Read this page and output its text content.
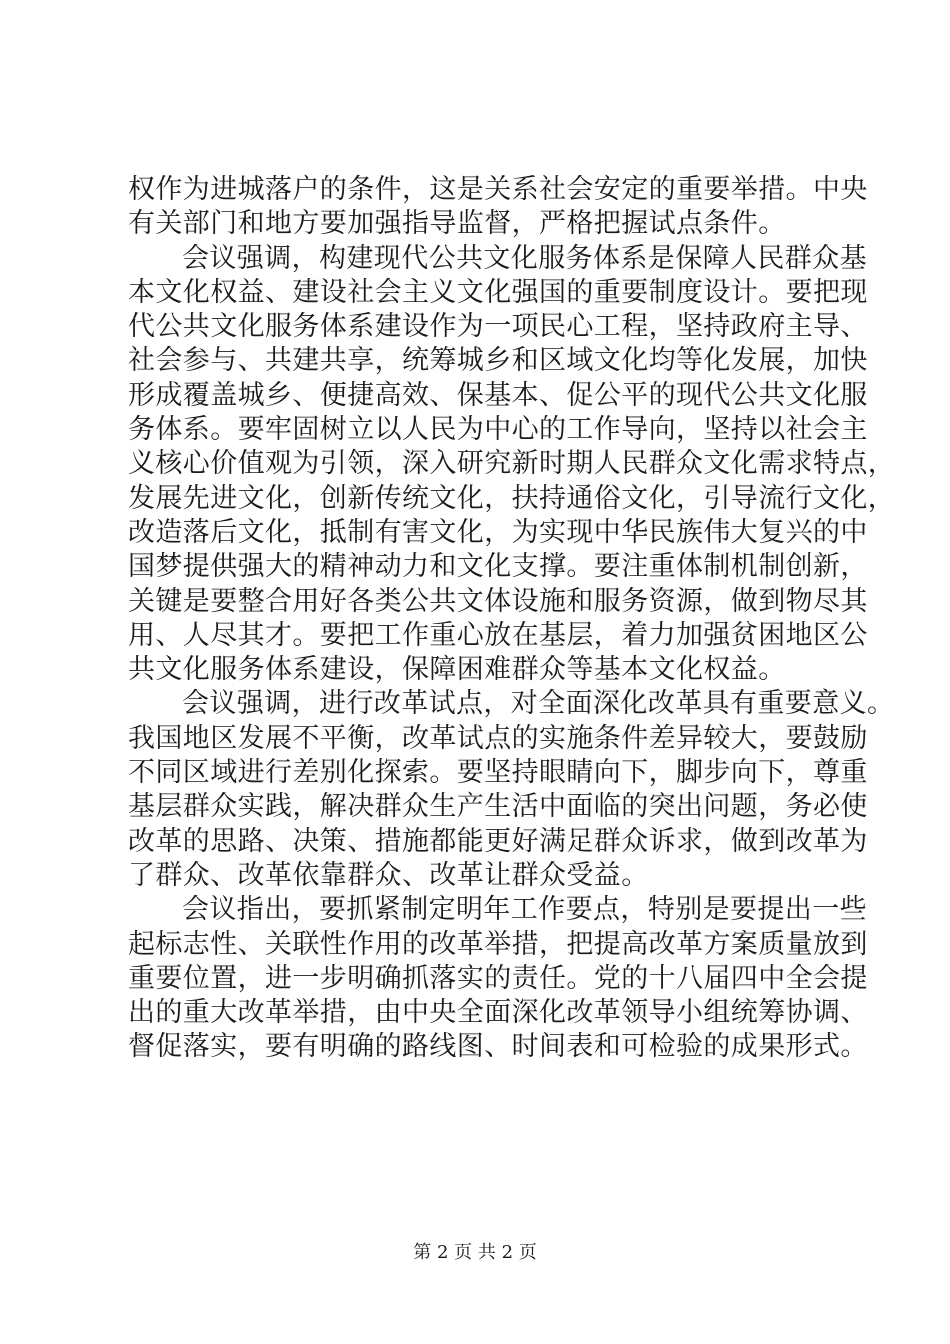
权作为进城落户的条件，这是关系社会安定的重要举措。中央
有关部门和地方要加强指导监督，严格把握试点条件。
会议强调，构建现代公共文化服务体系是保障人民群众基
本文化权益、建设社会主义文化强国的重要制度设计。要把现
代公共文化服务体系建设作为一项民心工程，坚持政府主导、
社会参与、共建共享，统筹城乡和区域文化均等化发展，加快
形成覆盖城乡、便捷高效、保基本、促公平的现代公共文化服
务体系。要牢固树立以人民为中心的工作导向，坚持以社会主
义核心价值观为引领，深入研究新时期人民群众文化需求特点，
发展先进文化，创新传统文化，扶持通俗文化，引导流行文化，
改造落后文化，抵制有害文化，为实现中华民族伟大复兴的中
国梦提供强大的精神动力和文化支撑。要注重体制机制创新，
关键是要整合用好各类公共文体设施和服务资源，做到物尽其
用、人尽其才。要把工作重心放在基层，着力加强贫困地区公
共文化服务体系建设，保障困难群众等基本文化权益。
会议强调，进行改革试点，对全面深化改革具有重要意义。
我国地区发展不平衡，改革试点的实施条件差异较大，要鼓励
不同区域进行差别化探索。要坚持眼睛向下，脚步向下，尊重
基层群众实践，解决群众生产生活中面临的突出问题，务必使
改革的思路、决策、措施都能更好满足群众诉求，做到改革为
了群众、改革依靠群众、改革让群众受益。
会议指出，要抓紧制定明年工作要点，特别是要提出一些
起标志性、关联性作用的改革举措，把提高改革方案质量放到
重要位置，进一步明确抓落实的责任。党的十八届四中全会提
出的重大改革举措，由中央全面深化改革领导小组统筹协调、
督促落实，要有明确的路线图、时间表和可检验的成果形式。
第 2 页 共 2 页
